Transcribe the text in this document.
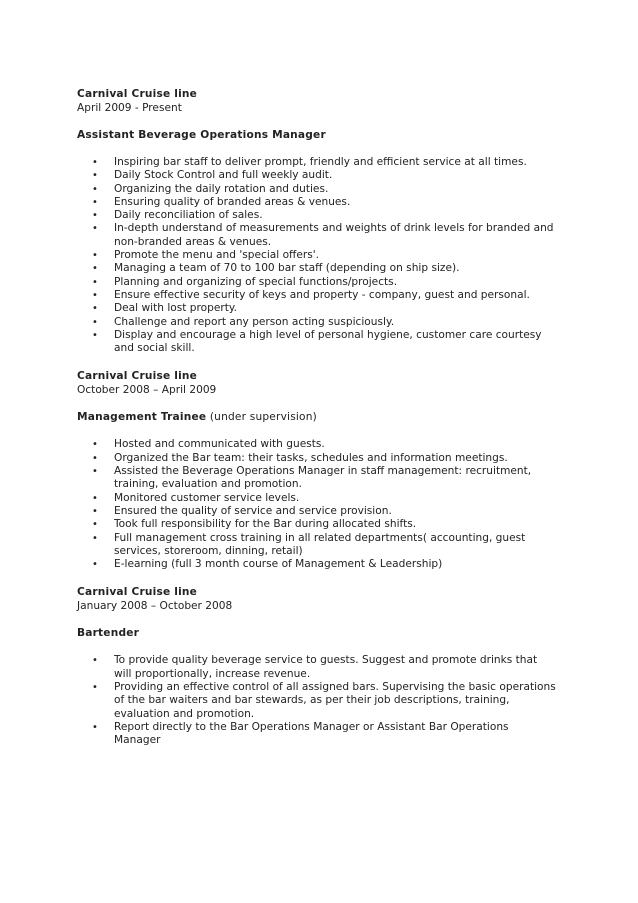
Carnival Cruise line
April 2009 - Present
Assistant Beverage Operations Manager
• Inspiring bar staff to deliver prompt, friendly and efficient service at all times.
• Daily Stock Control and full weekly audit.
• Organizing the daily rotation and duties.
• Ensuring quality of branded areas & venues.
• Daily reconciliation of sales.
• In-depth understand of measurements and weights of drink levels for branded and non-branded areas & venues.
• Promote the menu and 'special offers'.
• Managing a team of 70 to 100 bar staff (depending on ship size).
• Planning and organizing of special functions/projects.
• Ensure effective security of keys and property - company, guest and personal.
• Deal with lost property.
• Challenge and report any person acting suspiciously.
• Display and encourage a high level of personal hygiene, customer care courtesy and social skill.
Carnival Cruise line
October 2008 – April 2009
Management Trainee (under supervision)
• Hosted and communicated with guests.
• Organized the Bar team: their tasks, schedules and information meetings.
• Assisted the Beverage Operations Manager in staff management: recruitment, training, evaluation and promotion.
• Monitored customer service levels.
• Ensured the quality of service and service provision.
• Took full responsibility for the Bar during allocated shifts.
• Full management cross training in all related departments( accounting, guest services, storeroom, dinning, retail)
• E-learning (full 3 month course of Management & Leadership)
Carnival Cruise line
January 2008 – October 2008
Bartender
• To provide quality beverage service to guests. Suggest and promote drinks that will proportionally, increase revenue.
• Providing an effective control of all assigned bars. Supervising the basic operations of the bar waiters and bar stewards, as per their job descriptions, training, evaluation and promotion.
• Report directly to the Bar Operations Manager or Assistant Bar Operations Manager
